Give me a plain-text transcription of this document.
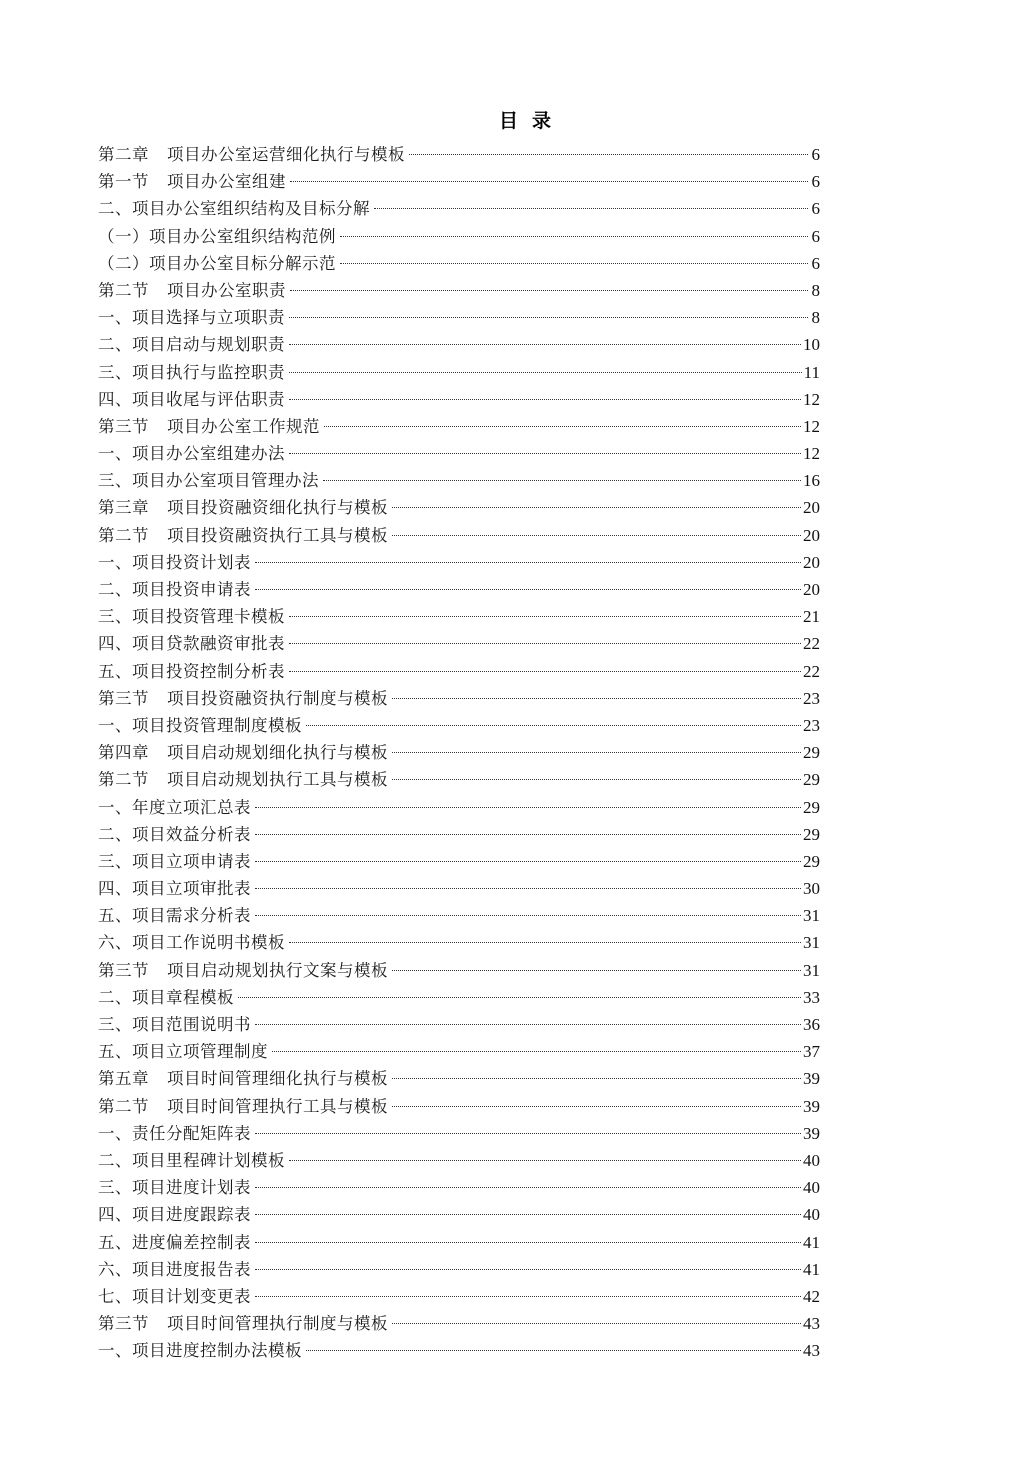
目录
第二章 项目办公室运营细化执行与模板	6
第一节 项目办公室组建	6
二、项目办公室组织结构及目标分解	6
（一）项目办公室组织结构范例	6
（二）项目办公室目标分解示范	6
第二节 项目办公室职责	8
一、项目选择与立项职责	8
二、项目启动与规划职责	10
三、项目执行与监控职责	11
四、项目收尾与评估职责	12
第三节 项目办公室工作规范	12
一、项目办公室组建办法	12
三、项目办公室项目管理办法	16
第三章 项目投资融资细化执行与模板	20
第二节 项目投资融资执行工具与模板	20
一、项目投资计划表	20
二、项目投资申请表	20
三、项目投资管理卡模板	21
四、项目贷款融资审批表	22
五、项目投资控制分析表	22
第三节 项目投资融资执行制度与模板	23
一、项目投资管理制度模板	23
第四章 项目启动规划细化执行与模板	29
第二节 项目启动规划执行工具与模板	29
一、年度立项汇总表	29
二、项目效益分析表	29
三、项目立项申请表	29
四、项目立项审批表	30
五、项目需求分析表	31
六、项目工作说明书模板	31
第三节 项目启动规划执行文案与模板	31
二、项目章程模板	33
三、项目范围说明书	36
五、项目立项管理制度	37
第五章 项目时间管理细化执行与模板	39
第二节 项目时间管理执行工具与模板	39
一、责任分配矩阵表	39
二、项目里程碑计划模板	40
三、项目进度计划表	40
四、项目进度跟踪表	40
五、进度偏差控制表	41
六、项目进度报告表	41
七、项目计划变更表	42
第三节 项目时间管理执行制度与模板	43
一、项目进度控制办法模板	43
